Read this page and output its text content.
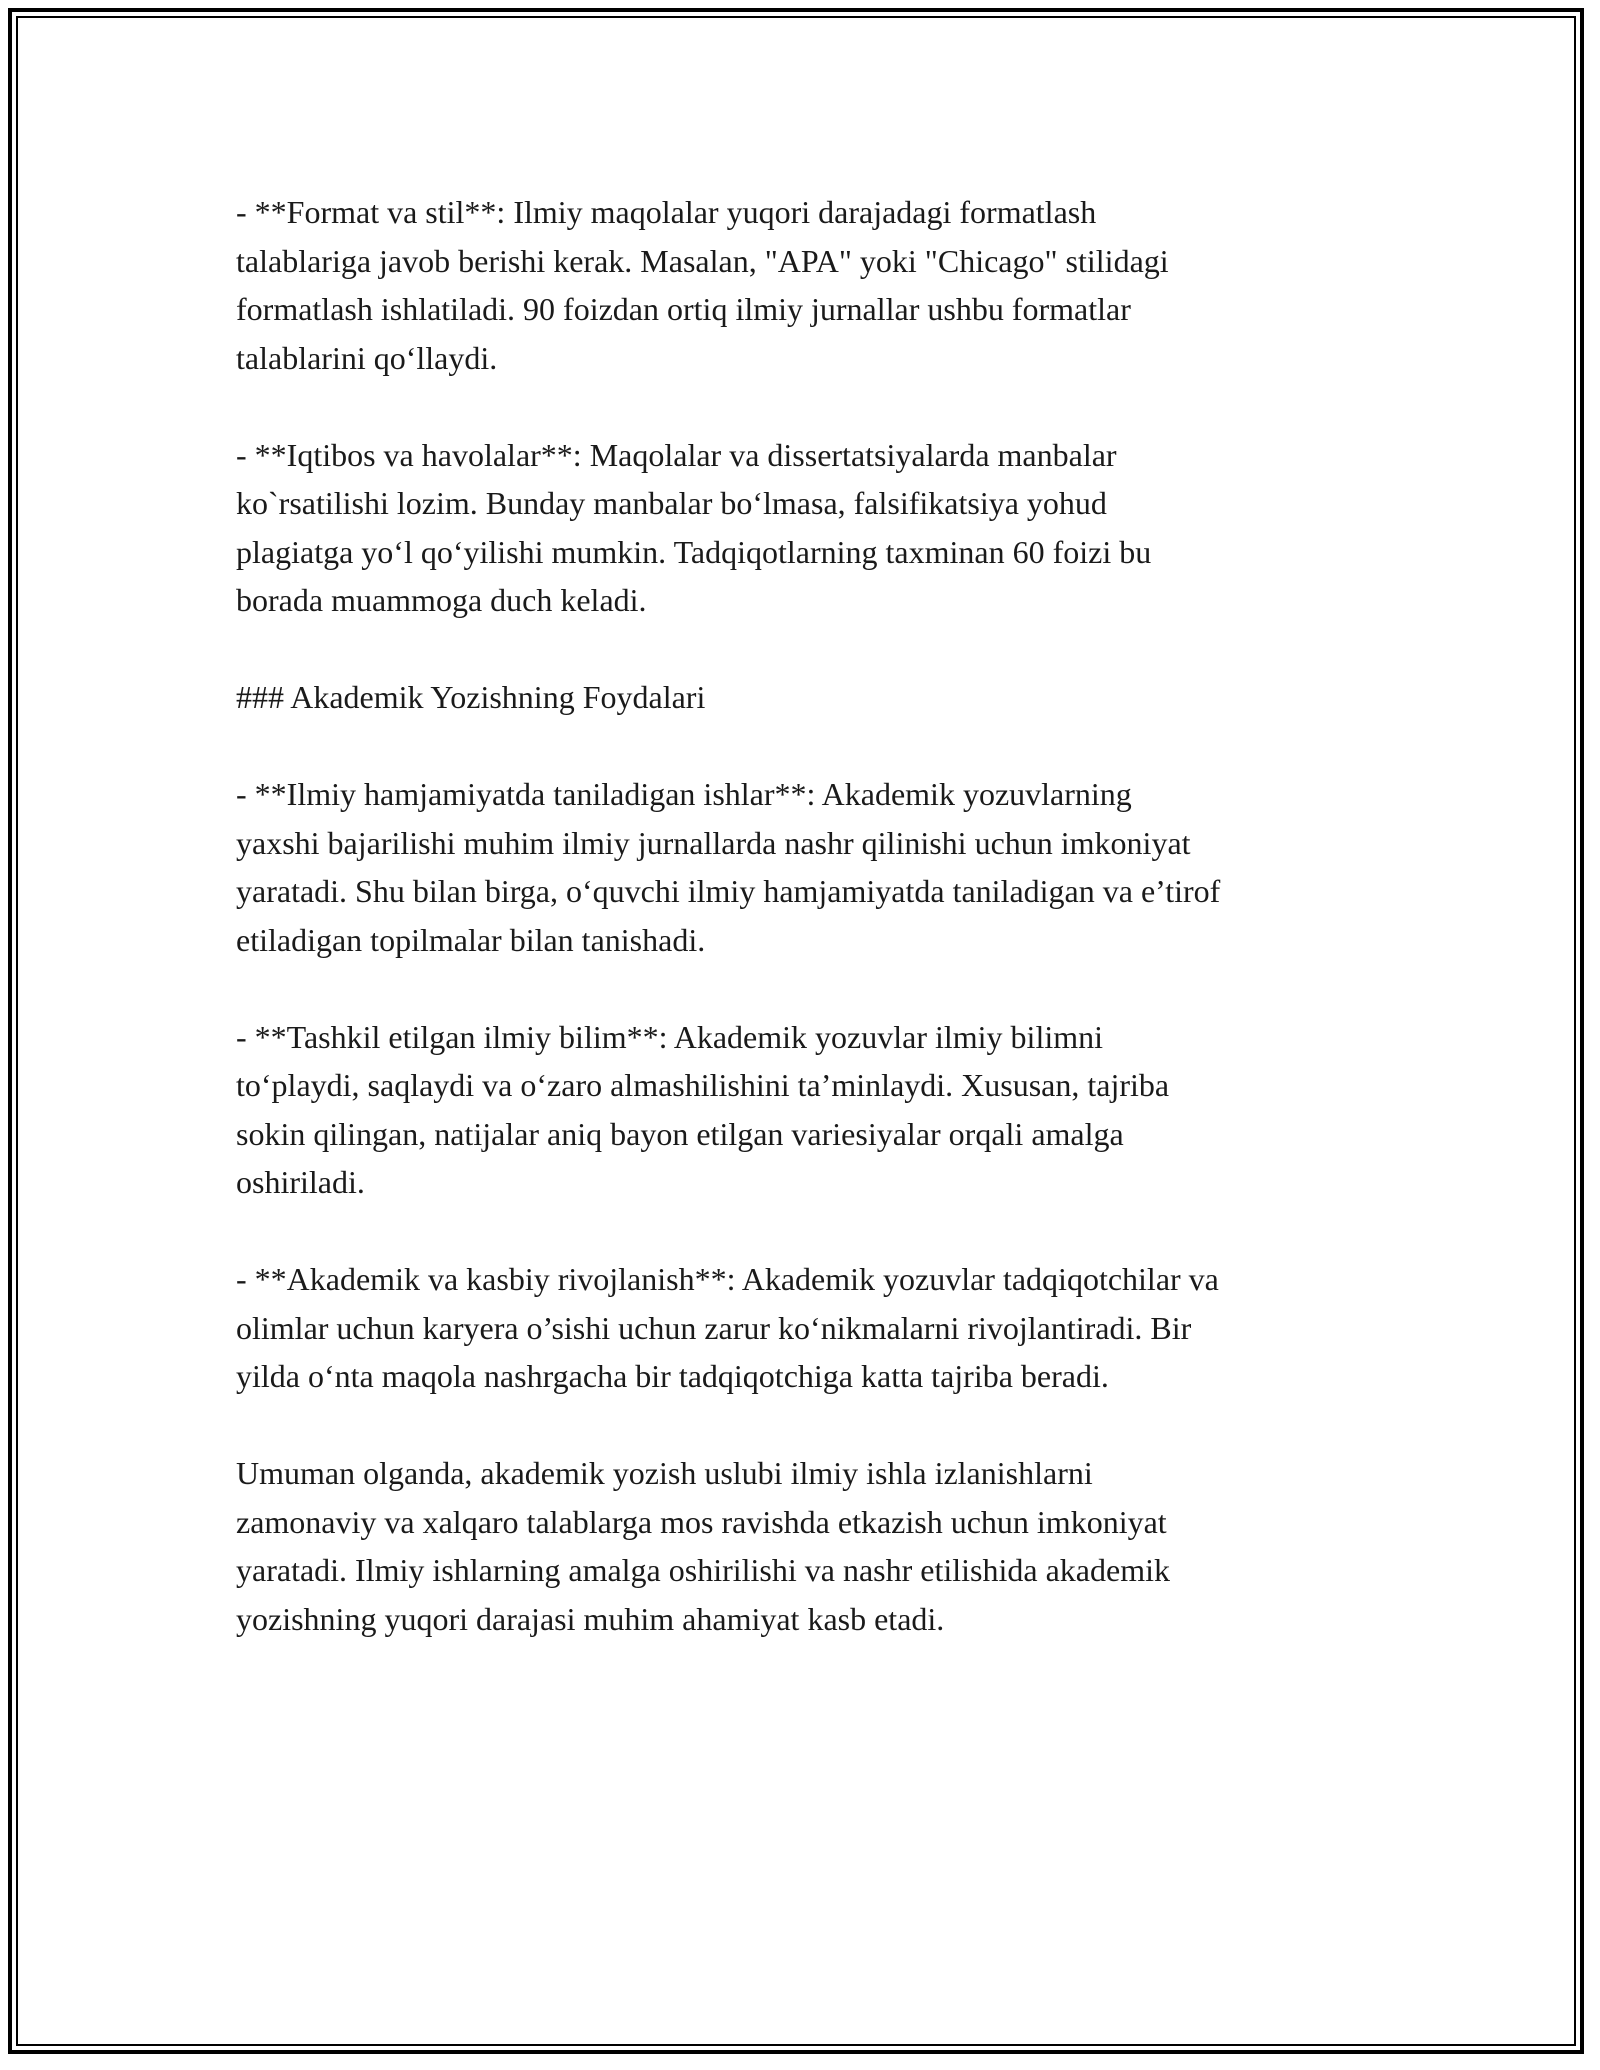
- **Format va stil**: Ilmiy maqolalar yuqori darajadagi formatlash
talablariga javob berishi kerak. Masalan, "APA" yoki "Chicago" stilidagi
formatlash ishlatiladi. 90 foizdan ortiq ilmiy jurnallar ushbu formatlar
talablarini qo‘llaydi.

- **Iqtibos va havolalar**: Maqolalar va dissertatsiyalarda manbalar
ko`rsatilishi lozim. Bunday manbalar bo‘lmasa, falsifikatsiya yohud
plagiatga yo‘l qo‘yilishi mumkin. Tadqiqotlarning taxminan 60 foizi bu
borada muammoga duch keladi.

### Akademik Yozishning Foydalari

- **Ilmiy hamjamiyatda taniladigan ishlar**: Akademik yozuvlarning
yaxshi bajarilishi muhim ilmiy jurnallarda nashr qilinishi uchun imkoniyat
yaratadi. Shu bilan birga, o‘quvchi ilmiy hamjamiyatda taniladigan va e’tirof
etiladigan topilmalar bilan tanishadi.

- **Tashkil etilgan ilmiy bilim**: Akademik yozuvlar ilmiy bilimni
to‘playdi, saqlaydi va o‘zaro almashilishini ta’minlaydi. Xususan, tajriba
sokin qilingan, natijalar aniq bayon etilgan variesiyalar orqali amalga
oshiriladi.

- **Akademik va kasbiy rivojlanish**: Akademik yozuvlar tadqiqotchilar va
olimlar uchun karyera o’sishi uchun zarur ko‘nikmalarni rivojlantiradi. Bir
yilda o‘nta maqola nashrgacha bir tadqiqotchiga katta tajriba beradi.

Umuman olganda, akademik yozish uslubi ilmiy ishla izlanishlarni
zamonaviy va xalqaro talablarga mos ravishda etkazish uchun imkoniyat
yaratadi. Ilmiy ishlarning amalga oshirilishi va nashr etilishida akademik
yozishning yuqori darajasi muhim ahamiyat kasb etadi.
